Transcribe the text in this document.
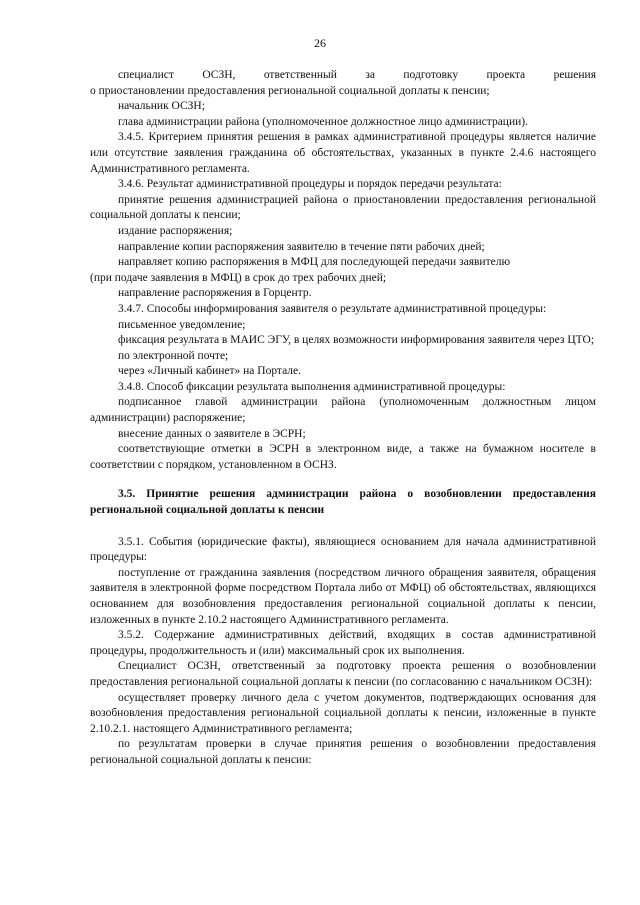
26

специалист ОСЗН, ответственный за подготовку проекта решения

о приостановлении предоставления региональной социальной доплаты к пенсии;

начальник ОСЗН;

глава администрации района (уполномоченное должностное лицо администрации).

3.4.5. Критерием принятия решения в рамках административной процедуры является наличие или отсутствие заявления гражданина об обстоятельствах, указанных в пункте 2.4.6 настоящего Административного регламента.

3.4.6. Результат административной процедуры и порядок передачи результата:

принятие решения администрацией района о приостановлении предоставления региональной социальной доплаты к пенсии;

издание распоряжения;

направление копии распоряжения заявителю в течение пяти рабочих дней;

направляет копию распоряжения в МФЦ для последующей передачи заявителю

(при подаче заявления в МФЦ) в срок до трех рабочих дней;

направление распоряжения в Горцентр.

3.4.7. Способы информирования заявителя о результате административной процедуры:

письменное уведомление;

фиксация результата в МАИС ЭГУ, в целях возможности информирования заявителя через ЦТО;

по электронной почте;

через «Личный кабинет» на Портале.

3.4.8. Способ фиксации результата выполнения административной процедуры:

подписанное главой администрации района (уполномоченным должностным лицом администрации) распоряжение;

внесение данных о заявителе в ЭСРН;

соответствующие отметки в ЭСРН в электронном виде, а также на бумажном носителе в соответствии с порядком, установленном в ОСНЗ.

3.5. Принятие решения администрации района о возобновлении предоставления региональной социальной доплаты к пенсии

3.5.1. События (юридические факты), являющиеся основанием для начала административной процедуры:

поступление от гражданина заявления (посредством личного обращения заявителя, обращения заявителя в электронной форме посредством Портала либо от МФЦ) об обстоятельствах, являющихся основанием для возобновления предоставления региональной социальной доплаты к пенсии, изложенных в пункте 2.10.2 настоящего Административного регламента.

3.5.2. Содержание административных действий, входящих в состав административной процедуры, продолжительность и (или) максимальный срок их выполнения.

Специалист ОСЗН, ответственный за подготовку проекта решения о возобновлении предоставления региональной социальной доплаты к пенсии (по согласованию с начальником ОСЗН):

осуществляет проверку личного дела с учетом документов, подтверждающих основания для возобновления предоставления региональной социальной доплаты к пенсии, изложенные в пункте 2.10.2.1. настоящего Административного регламента;

по результатам проверки в случае принятия решения о возобновлении предоставления региональной социальной доплаты к пенсии:
